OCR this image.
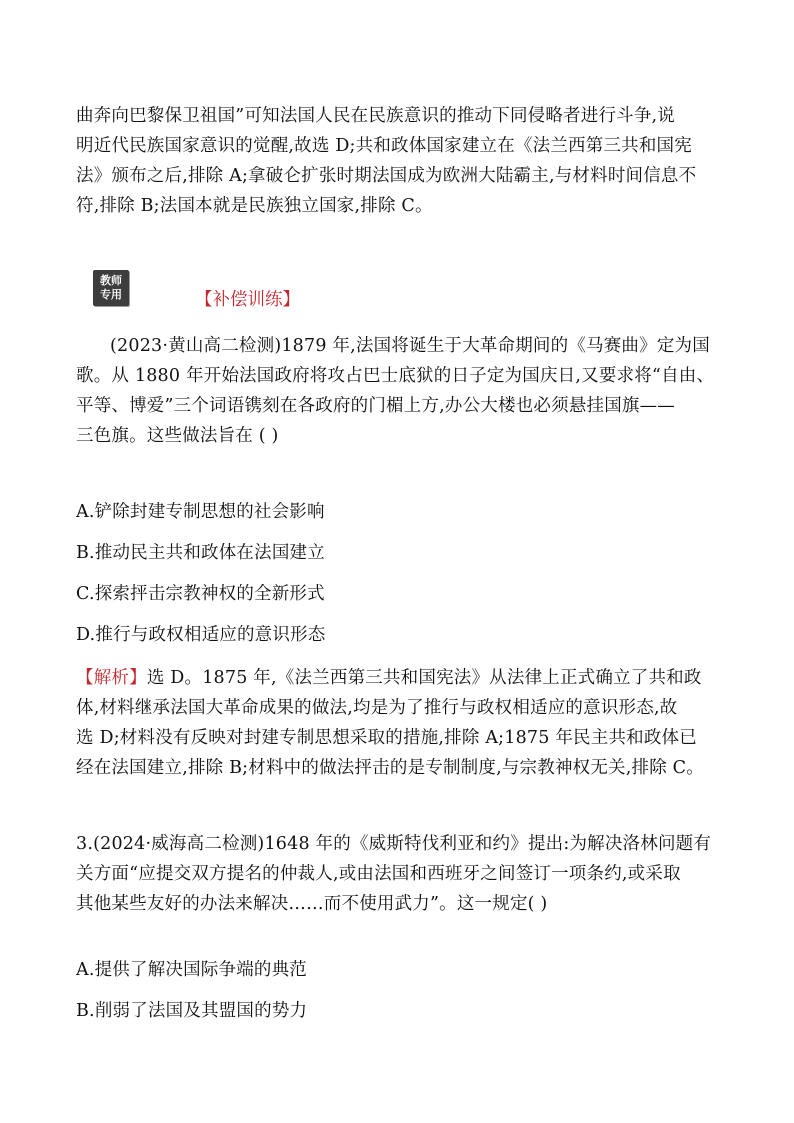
曲奔向巴黎保卫祖国”可知法国人民在民族意识的推动下同侵略者进行斗争,说
明近代民族国家意识的觉醒,故选 D;共和政体国家建立在《法兰西第三共和国宪
法》颁布之后,排除 A;拿破仑扩张时期法国成为欧洲大陆霸主,与材料时间信息不
符,排除 B;法国本就是民族独立国家,排除 C。
教师
专用	【补偿训练】
(2023·黄山高二检测)1879 年,法国将诞生于大革命期间的《马赛曲》定为国
歌。从 1880 年开始法国政府将攻占巴士底狱的日子定为国庆日,又要求将“自由、
平等、博爱”三个词语镌刻在各政府的门楣上方,办公大楼也必须悬挂国旗——
三色旗。这些做法旨在 ( )
A.铲除封建专制思想的社会影响
B.推动民主共和政体在法国建立
C.探索抨击宗教神权的全新形式
D.推行与政权相适应的意识形态
【解析】选 D。1875 年,《法兰西第三共和国宪法》从法律上正式确立了共和政
体,材料继承法国大革命成果的做法,均是为了推行与政权相适应的意识形态,故
选 D;材料没有反映对封建专制思想采取的措施,排除 A;1875 年民主共和政体已
经在法国建立,排除 B;材料中的做法抨击的是专制制度,与宗教神权无关,排除 C。
3.(2024·威海高二检测)1648 年的《威斯特伐利亚和约》提出:为解决洛林问题有
关方面“应提交双方提名的仲裁人,或由法国和西班牙之间签订一项条约,或采取
其他某些友好的办法来解决……而不使用武力”。这一规定( )
A.提供了解决国际争端的典范
B.削弱了法国及其盟国的势力
